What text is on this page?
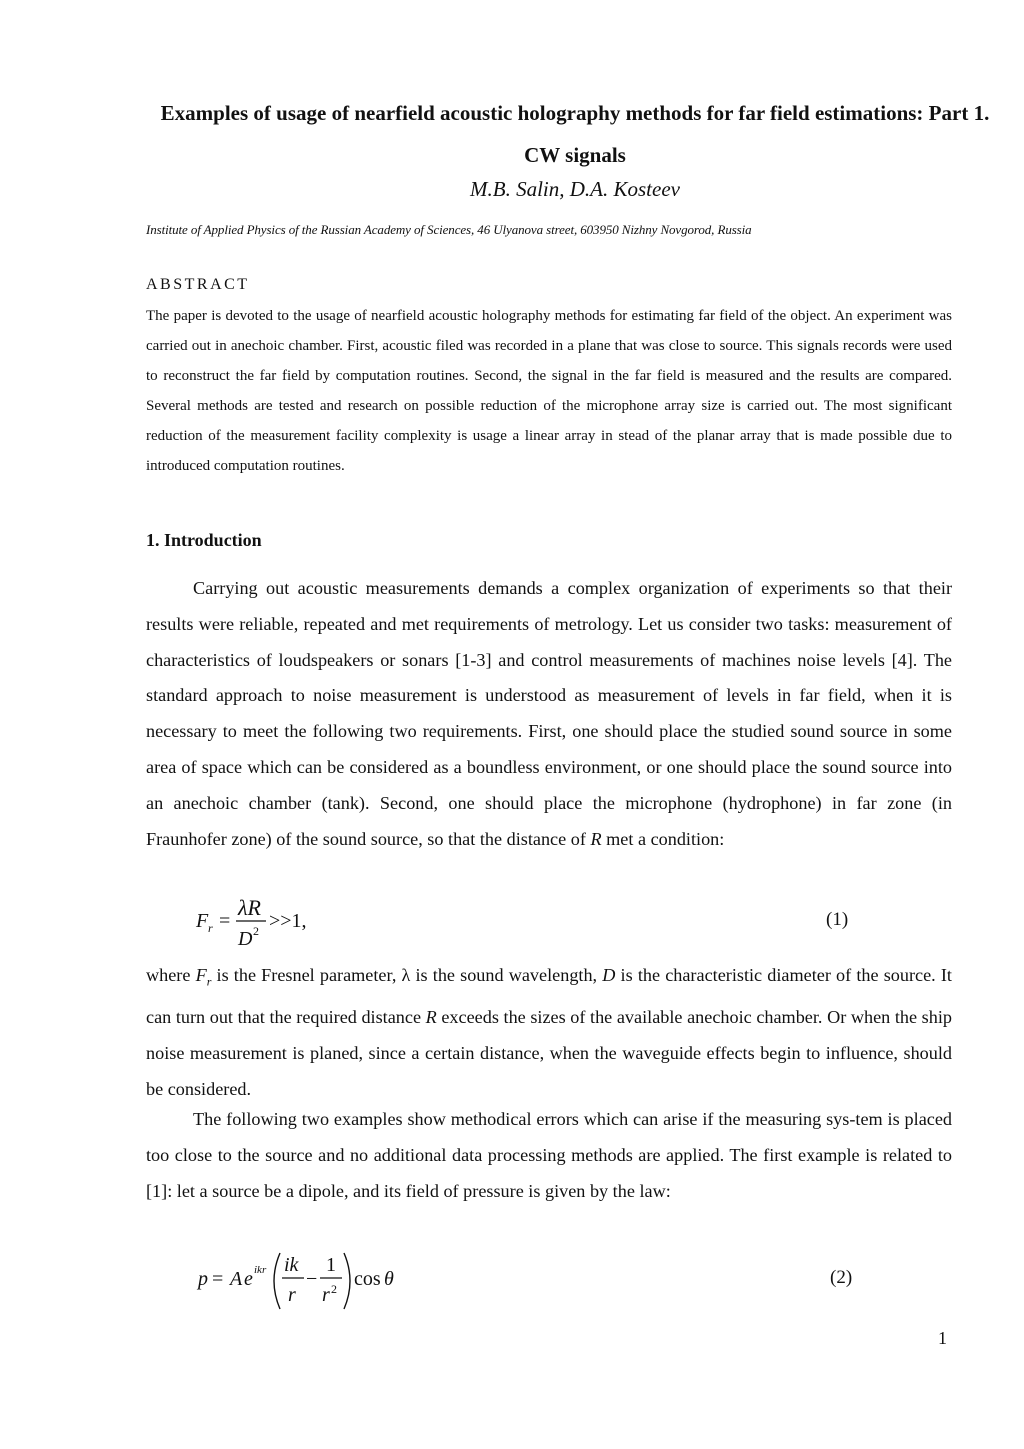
Examples of usage of nearfield acoustic holography methods for far field estimations: Part 1. CW signals
M.B. Salin, D.A. Kosteev
Institute of Applied Physics of the Russian Academy of Sciences, 46 Ulyanova street, 603950 Nizhny Novgorod, Russia
ABSTRACT
The paper is devoted to the usage of nearfield acoustic holography methods for estimating far field of the object. An experiment was carried out in anechoic chamber. First, acoustic filed was recorded in a plane that was close to source. This signals records were used to reconstruct the far field by computation routines. Second, the signal in the far field is measured and the results are compared. Several methods are tested and research on possible reduction of the microphone array size is carried out. The most significant reduction of the measurement facility complexity is usage a linear array in stead of the planar array that is made possible due to introduced computation routines.
1. Introduction

Carrying out acoustic measurements demands a complex organization of experiments so that their results were reliable, repeated and met requirements of metrology. Let us consider two tasks: measurement of characteristics of loudspeakers or sonars [1-3] and control measurements of machines noise levels [4]. The standard approach to noise measurement is understood as measurement of levels in far field, when it is necessary to meet the following two requirements. First, one should place the studied sound source in some area of space which can be considered as a boundless environment, or one should place the sound source into an anechoic chamber (tank). Second, one should place the microphone (hydrophone) in far zone (in Fraunhofer zone) of the sound source, so that the distance of R met a condition:

F r =
λR
D 2 >>1,	(1)

where $F_r$ is the Fresnel parameter, λ is the sound wavelength, D is the characteristic diameter of the source. It can turn out that the required distance R exceeds the sizes of the available anechoic chamber. Or when the ship noise measurement is planed, since a certain distance, when the waveguide effects begin to influence, should be considered.

The following two examples show methodical errors which can arise if the measuring sys-tem is placed too close to the source and no additional data processing methods are applied. The first example is related to [1]: let a source be a dipole, and its field of pressure is given by the law:

p = A e ikr ik
r
−
1
r 2 cos θ	(2)
1
